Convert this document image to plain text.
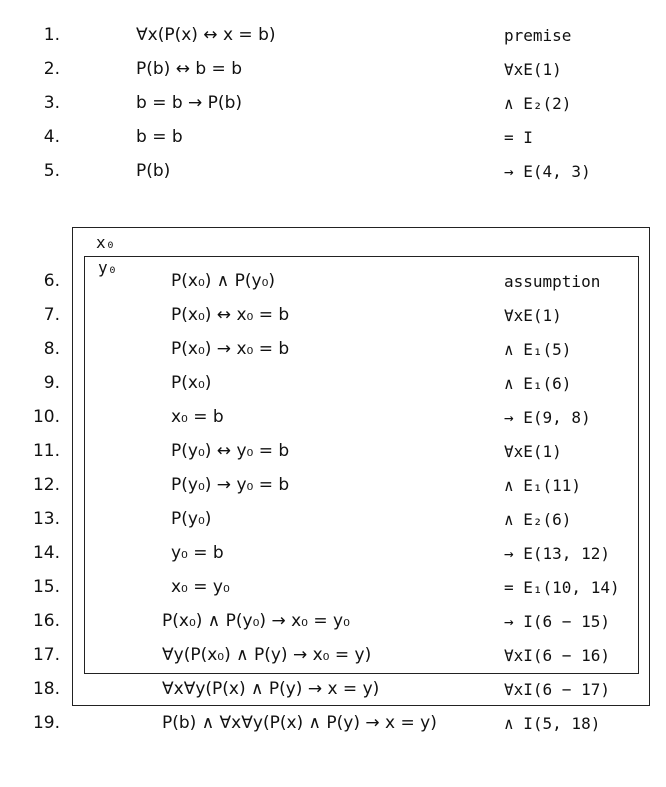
x₀
y₀
1.	∀x(P(x) ↔ x = b)	premise
2.	P(b) ↔ b = b	∀xE(1)
3.	b = b → P(b)	∧ E₂(2)
4.	b = b	= I
5.	P(b)	→ E(4, 3)
6.	P(x₀) ∧ P(y₀)	assumption
7.	P(x₀) ↔ x₀ = b	∀xE(1)
8.	P(x₀) → x₀ = b	∧ E₁(5)
9.	P(x₀)	∧ E₁(6)
10.	x₀ = b	→ E(9, 8)
11.	P(y₀) ↔ y₀ = b	∀xE(1)
12.	P(y₀) → y₀ = b	∧ E₁(11)
13.	P(y₀)	∧ E₂(6)
14.	y₀ = b	→ E(13, 12)
15.	x₀ = y₀	= E₁(10, 14)
16.	P(x₀) ∧ P(y₀) → x₀ = y₀	→ I(6 − 15)
17.	∀y(P(x₀) ∧ P(y) → x₀ = y)	∀xI(6 − 16)
18.	∀x∀y(P(x) ∧ P(y) → x = y)	∀xI(6 − 17)
19.	P(b) ∧ ∀x∀y(P(x) ∧ P(y) → x = y)	∧ I(5, 18)
